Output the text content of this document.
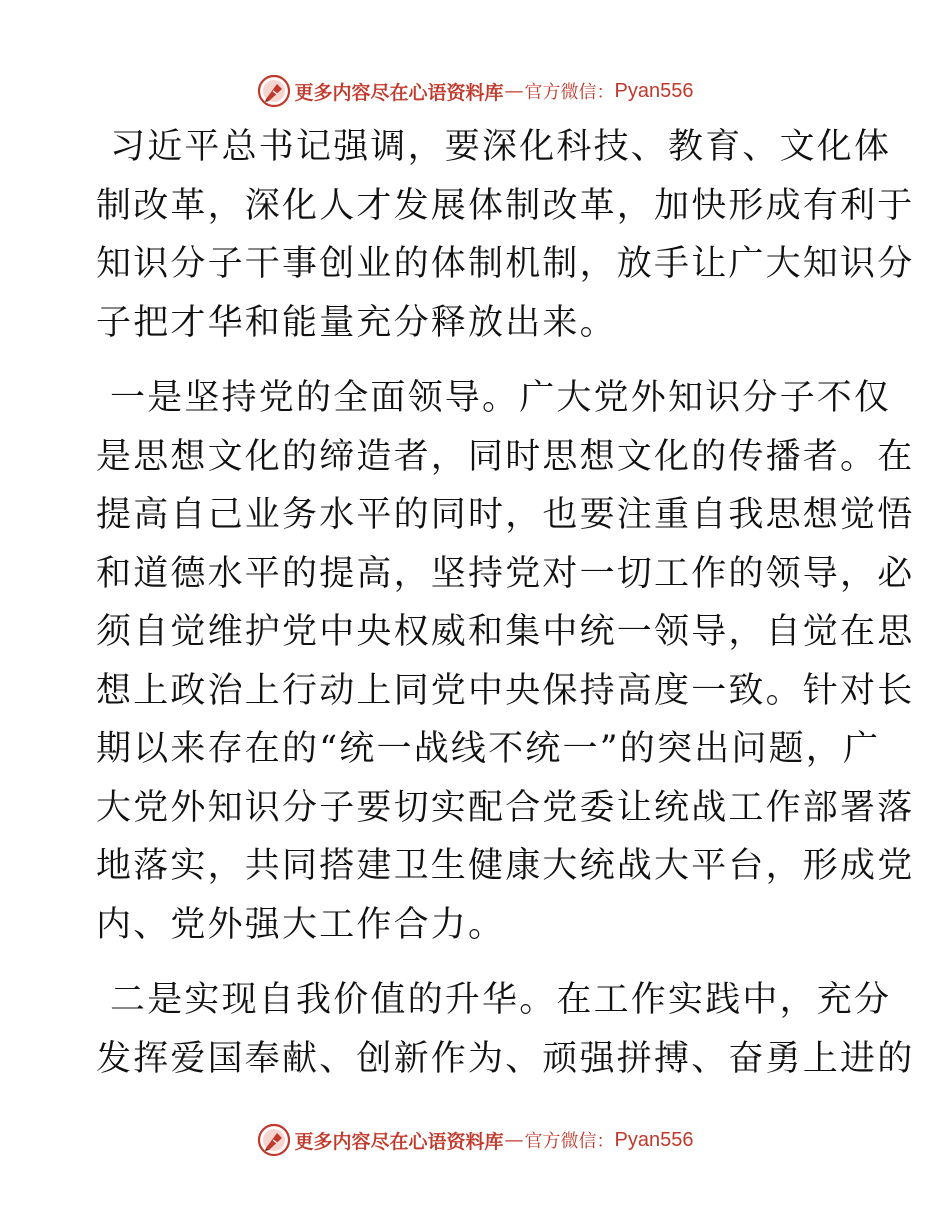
更多内容尽在心语资料库 — 官方微信： Pyan556
习近平总书记强调，要深化科技、教育、文化体
制改革，深化人才发展体制改革，加快形成有利于
知识分子干事创业的体制机制，放手让广大知识分
子把才华和能量充分释放出来。
一是坚持党的全面领导。广大党外知识分子不仅
是思想文化的缔造者，同时思想文化的传播者。在
提高自己业务水平的同时，也要注重自我思想觉悟
和道德水平的提高，坚持党对一切工作的领导，必
须自觉维护党中央权威和集中统一领导，自觉在思
想上政治上行动上同党中央保持高度一致。针对长
期以来存在的“统一战线不统一”的突出问题，广
大党外知识分子要切实配合党委让统战工作部署落
地落实，共同搭建卫生健康大统战大平台，形成党
内、党外强大工作合力。
二是实现自我价值的升华。在工作实践中，充分
发挥爱国奉献、创新作为、顽强拼搏、奋勇上进的
更多内容尽在心语资料库 — 官方微信： Pyan556
